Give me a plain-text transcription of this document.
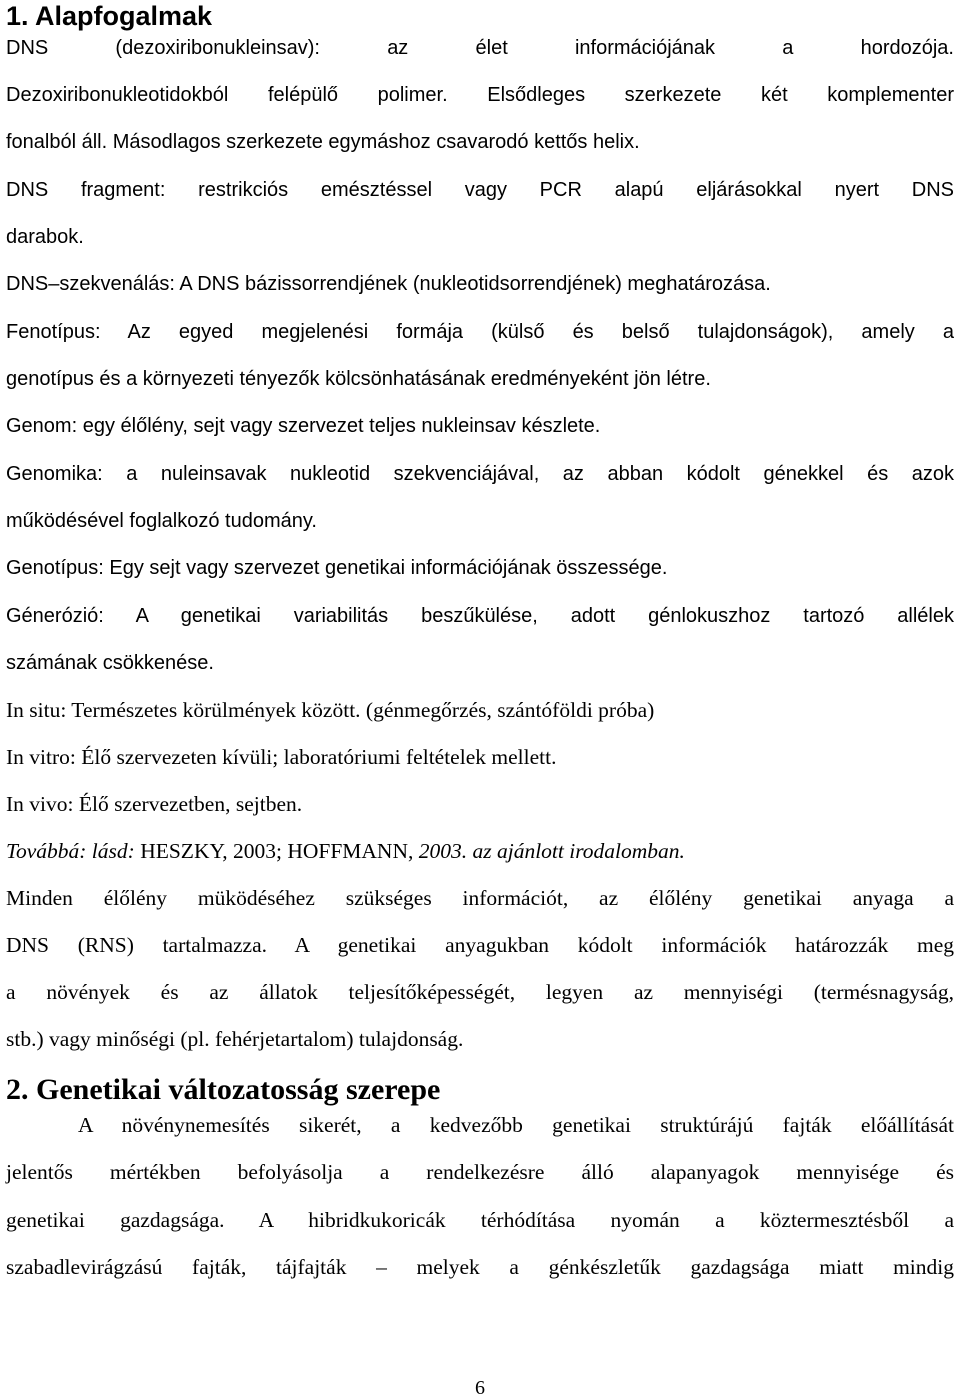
1. Alapfogalmak
DNS (dezoxiribonukleinsav): az élet információjának a hordozója.
Dezoxiribonukleotidokból felépülő polimer. Elsődleges szerkezete két komplementer
fonalból áll. Másodlagos szerkezete egymáshoz csavarodó kettős helix.
DNS fragment: restrikciós emésztéssel vagy PCR alapú eljárásokkal nyert DNS
darabok.
DNS–szekvenálás: A DNS bázissorrendjének (nukleotidsorrendjének) meghatározása.
Fenotípus: Az egyed megjelenési formája (külső és belső tulajdonságok), amely a
genotípus és a környezeti tényezők kölcsönhatásának eredményeként jön létre.
Genom: egy élőlény, sejt vagy szervezet teljes nukleinsav készlete.
Genomika: a nuleinsavak nukleotid szekvenciájával, az abban kódolt génekkel és azok
működésével foglalkozó tudomány.
Genotípus: Egy sejt vagy szervezet genetikai információjának összessége.
Génerózió: A genetikai variabilitás beszűkülése, adott génlokuszhoz tartozó allélek
számának csökkenése.
In situ: Természetes körülmények között. (génmegőrzés, szántóföldi próba)
In vitro: Élő szervezeten kívüli; laboratóriumi feltételek mellett.
In vivo: Élő szervezetben, sejtben.
Továbbá: lásd: HESZKY, 2003; HOFFMANN, 2003. az ajánlott irodalomban.
Minden élőlény müködéséhez szükséges információt, az élőlény genetikai anyaga a
DNS (RNS) tartalmazza. A genetikai anyagukban kódolt információk határozzák meg
a növények és az állatok teljesítőképességét, legyen az mennyiségi (termésnagyság,
stb.) vagy minőségi (pl. fehérjetartalom) tulajdonság.
2. Genetikai változatosság szerepe
A növénynemesítés sikerét, a kedvezőbb genetikai struktúrájú fajták előállítását
jelentős mértékben befolyásolja a rendelkezésre álló alapanyagok mennyisége és
genetikai gazdagsága. A hibridkukoricák térhódítása nyomán a köztermesztésből a
szabadlevirágzású fajták, tájfajták – melyek a génkészletűk gazdagsága miatt mindig
6
